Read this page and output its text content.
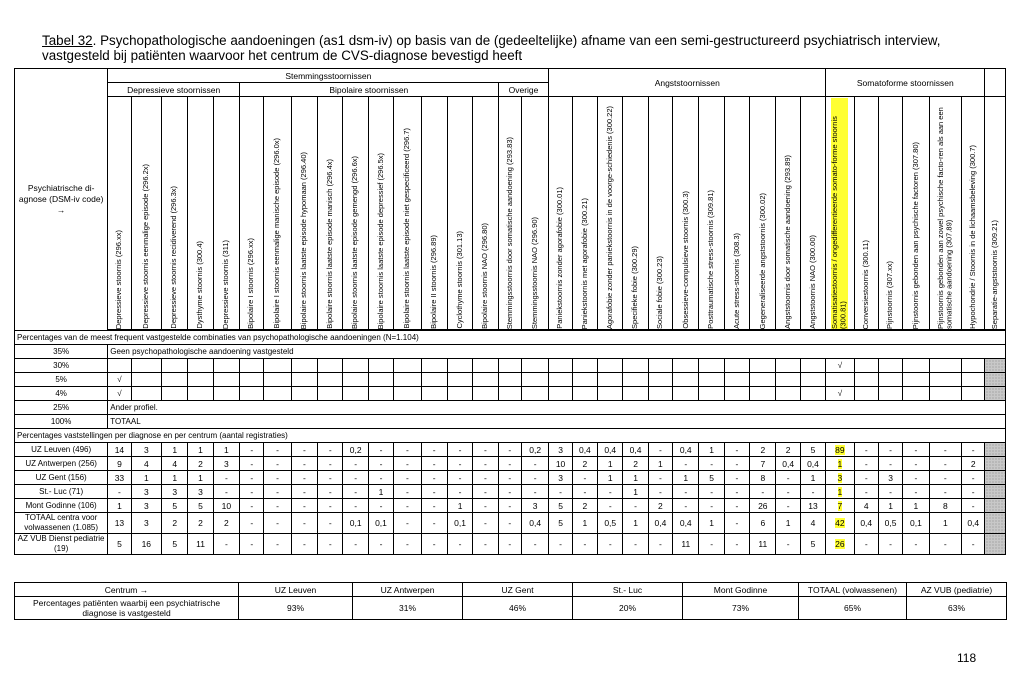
Tabel 32. Psychopathologische aandoeningen (as1 dsm-iv) op basis van de (gedeeltelijke) afname van een semi-gestructureerd psychiatrisch interview, vastgesteld bij patiënten waarvoor het centrum de CVS-diagnose bevestigd heeft
Psychiatrische di-agnose (DSM-iv code) →	Stemmingsstoornissen																	Angststoornissen											Somatoforme stoornissen						
	Depressieve stoornissen					Bipolaire stoornissen										Overige																			

	Depressieve stoornis (296.xx)	Depressieve stoornis eenmalige episode (296.2x)	Depressieve stoornis recidiverend (296.3x)	Dysthyme stoornis (300.4)	Depressieve stoornis (311)	Bipolaire I stoornis (296.xx)	Bipolaire I stoornis eenmalige manische episode (296.0x)	Bipolaire stoornis laatste episode hypomaan (296.40)	Bipolaire stoornis laatste episode manisch (296.4x)	Bipolaire stoornis laatste episode gemengd (296.6x)	Bipolaire stoornis laatste episode depressief (296.5x)	Bipolaire stoornis laatste episode niet gespecificeerd (296.7)	Bipolaire II stoornis (296.89)	Cyclothyme stoornis (301.13)	Bipolaire stoornis NAO (296.80)	Stemmingsstoornis door somatische aandoening (293.83)	Stemmingsstoornis NAO (296.90)	Paniekstoornis zonder agorafobie (300.01)	Paniekstoornis met agorafobie (300.21)	Agorafobie zonder paniekstoornis in de voorge-schiedenis (300.22)	Specifieke fobie (300.29)	Sociale fobie (300.23)	Obsessieve-compulsieve stoornis (300.3)	Posttraumatische stress-stoornis (309.81)	Acute stress-stoornis (308.3)	Gegeneraliseerde angststoornis (300.02)	Angststoornis door somatische aandoening (293.89)	Angststoornis NAO (300.00)	Somatisatiestoornis / ongedifferentieerde somato-forme stoornis (300.81)	Conversiestoornis (300.11)	Pijnstoornis (307.xx)	Pijnstoornis gebonden aan psychische factoren (307.80)	Pijnstoornis gebonden aan zowel psychische facto-ren als aan een somatische aandoening (307.89)	Hypochondrie / Stoornis in de lichaamsbeleving (300.7)	Separatie-angststoornis (309.21)

Percentages van de meest frequent vastgestelde combinaties van psychopathologische aandoeningen (N=1.104)																																			
35%	Geen psychopathologische aandoening vastgesteld																																		
30%																													√						
5%	√																																		
4%	√																												√						
25%	Ander profiel.																																		
100%	TOTAAL																																		
Percentages vaststellingen per diagnose en per centrum (aantal registraties)																																			
UZ Leuven (496)	14	3	1	1	1	-	-	-	-	0,2	-	-	-	-	-	-	0,2	3	0,4	0,4	0,4	-	0,4	1	-	2	2	5	89	-	-	-	-	-	
UZ Antwerpen (256)	9	4	4	2	3	-	-	-	-	-	-	-	-	-	-	-	-	10	2	1	2	1	-	-	-	7	0,4	0,4	1	-	-	-	-	2	
UZ Gent (156)	33	1	1	1	-	-	-	-	-	-	-	-	-	-	-	-	-	3	-	1	1	-	1	5	-	8	-	1	3	-	3	-	-	-	
St.- Luc (71)	-	3	3	3	-	-	-	-	-	-	1	-	-	-	-	-	-	-	-	-	1	-	-	-	-	-	-	-	1	-	-	-	-	-	
Mont Godinne (106)	1	3	5	5	10	-	-	-	-	-	-	-	-	1	-	-	3	5	2	-	-	2	-	-	-	26	-	13	7	4	1	1	8	-	
TOTAAL centra voor volwassenen (1.085)	13	3	2	2	2	-	-	-	-	0,1	0,1	-	-	0,1	-	-	0,4	5	1	0,5	1	0,4	0,4	1	-	6	1	4	42	0,4	0,5	0,1	1	0,4	
AZ VUB Dienst pediatrie (19)	5	16	5	11	-	-	-	-	-	-	-	-	-	-	-	-	-	-	-	-	-	-	11	-	-	11	-	5	26	-	-	-	-	-	
Centrum →	UZ Leuven	UZ Antwerpen	UZ Gent	St.- Luc	Mont Godinne	TOTAAL (volwassenen)	AZ VUB (pediatrie)
Percentages patiënten waarbij een psychiatrische diagnose is vastgesteld	93%	31%	46%	20%	73%	65%	63%
118
